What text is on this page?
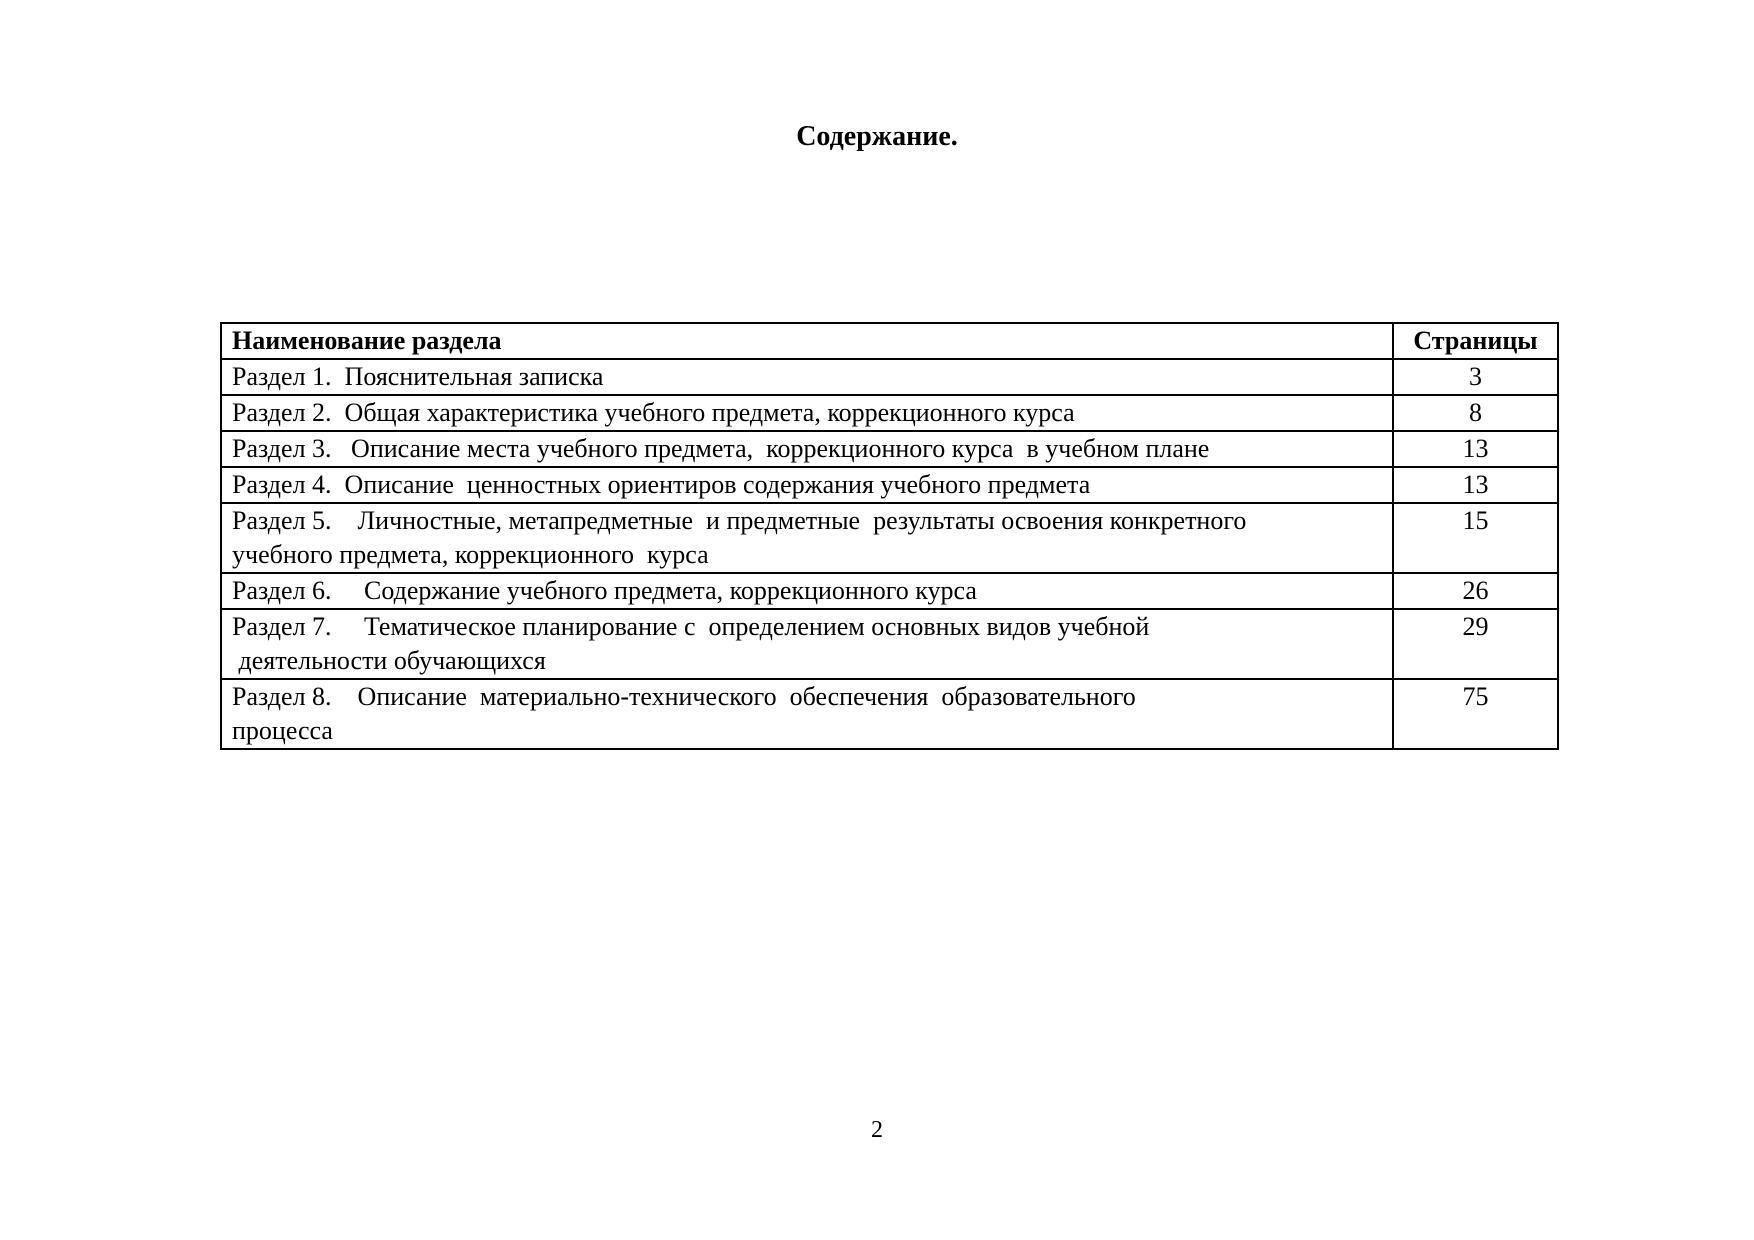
Содержание.
Наименование раздела	Страницы
Раздел 1.  Пояснительная записка	3
Раздел 2.  Общая характеристика учебного предмета, коррекционного курса	8
Раздел 3.   Описание места учебного предмета,  коррекционного курса  в учебном плане	13
Раздел 4.  Описание  ценностных ориентиров содержания учебного предмета	13
Раздел 5.    Личностные, метапредметные  и предметные  результаты освоения конкретного
учебного предмета, коррекционного  курса	15
Раздел 6.     Содержание учебного предмета, коррекционного курса	26
Раздел 7.     Тематическое планирование с  определением основных видов учебной
деятельности обучающихся	29
Раздел 8.    Описание  материально-технического  обеспечения  образовательного
процесса	75
2
